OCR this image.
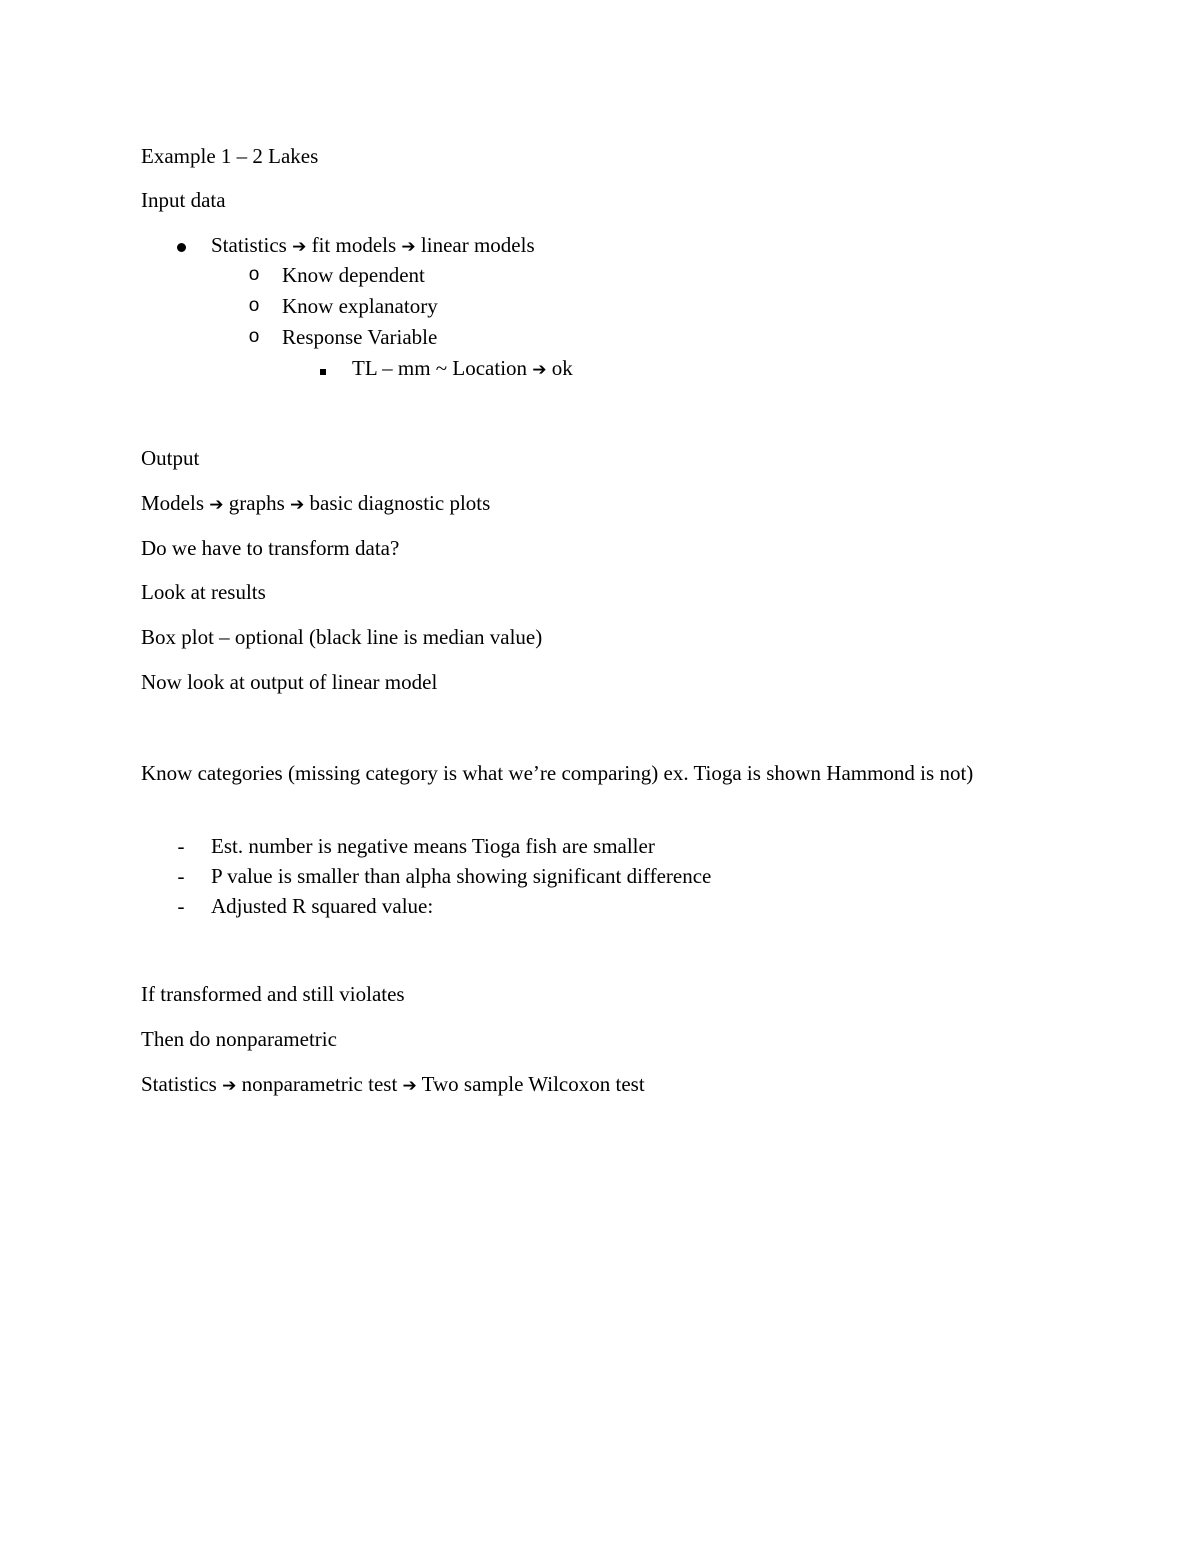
Example 1 – 2 Lakes
Input data
Statistics ➔ fit models ➔ linear models
o Know dependent
o Know explanatory
o Response Variable
TL – mm ~ Location ➔ ok
Output
Models ➔ graphs ➔ basic diagnostic plots
Do we have to transform data?
Look at results
Box plot – optional (black line is median value)
Now look at output of linear model
Know categories (missing category is what we’re comparing) ex. Tioga is shown Hammond is not)
- Est. number is negative means Tioga fish are smaller
- P value is smaller than alpha showing significant difference
- Adjusted R squared value:
If transformed and still violates
Then do nonparametric
Statistics ➔ nonparametric test ➔ Two sample Wilcoxon test
